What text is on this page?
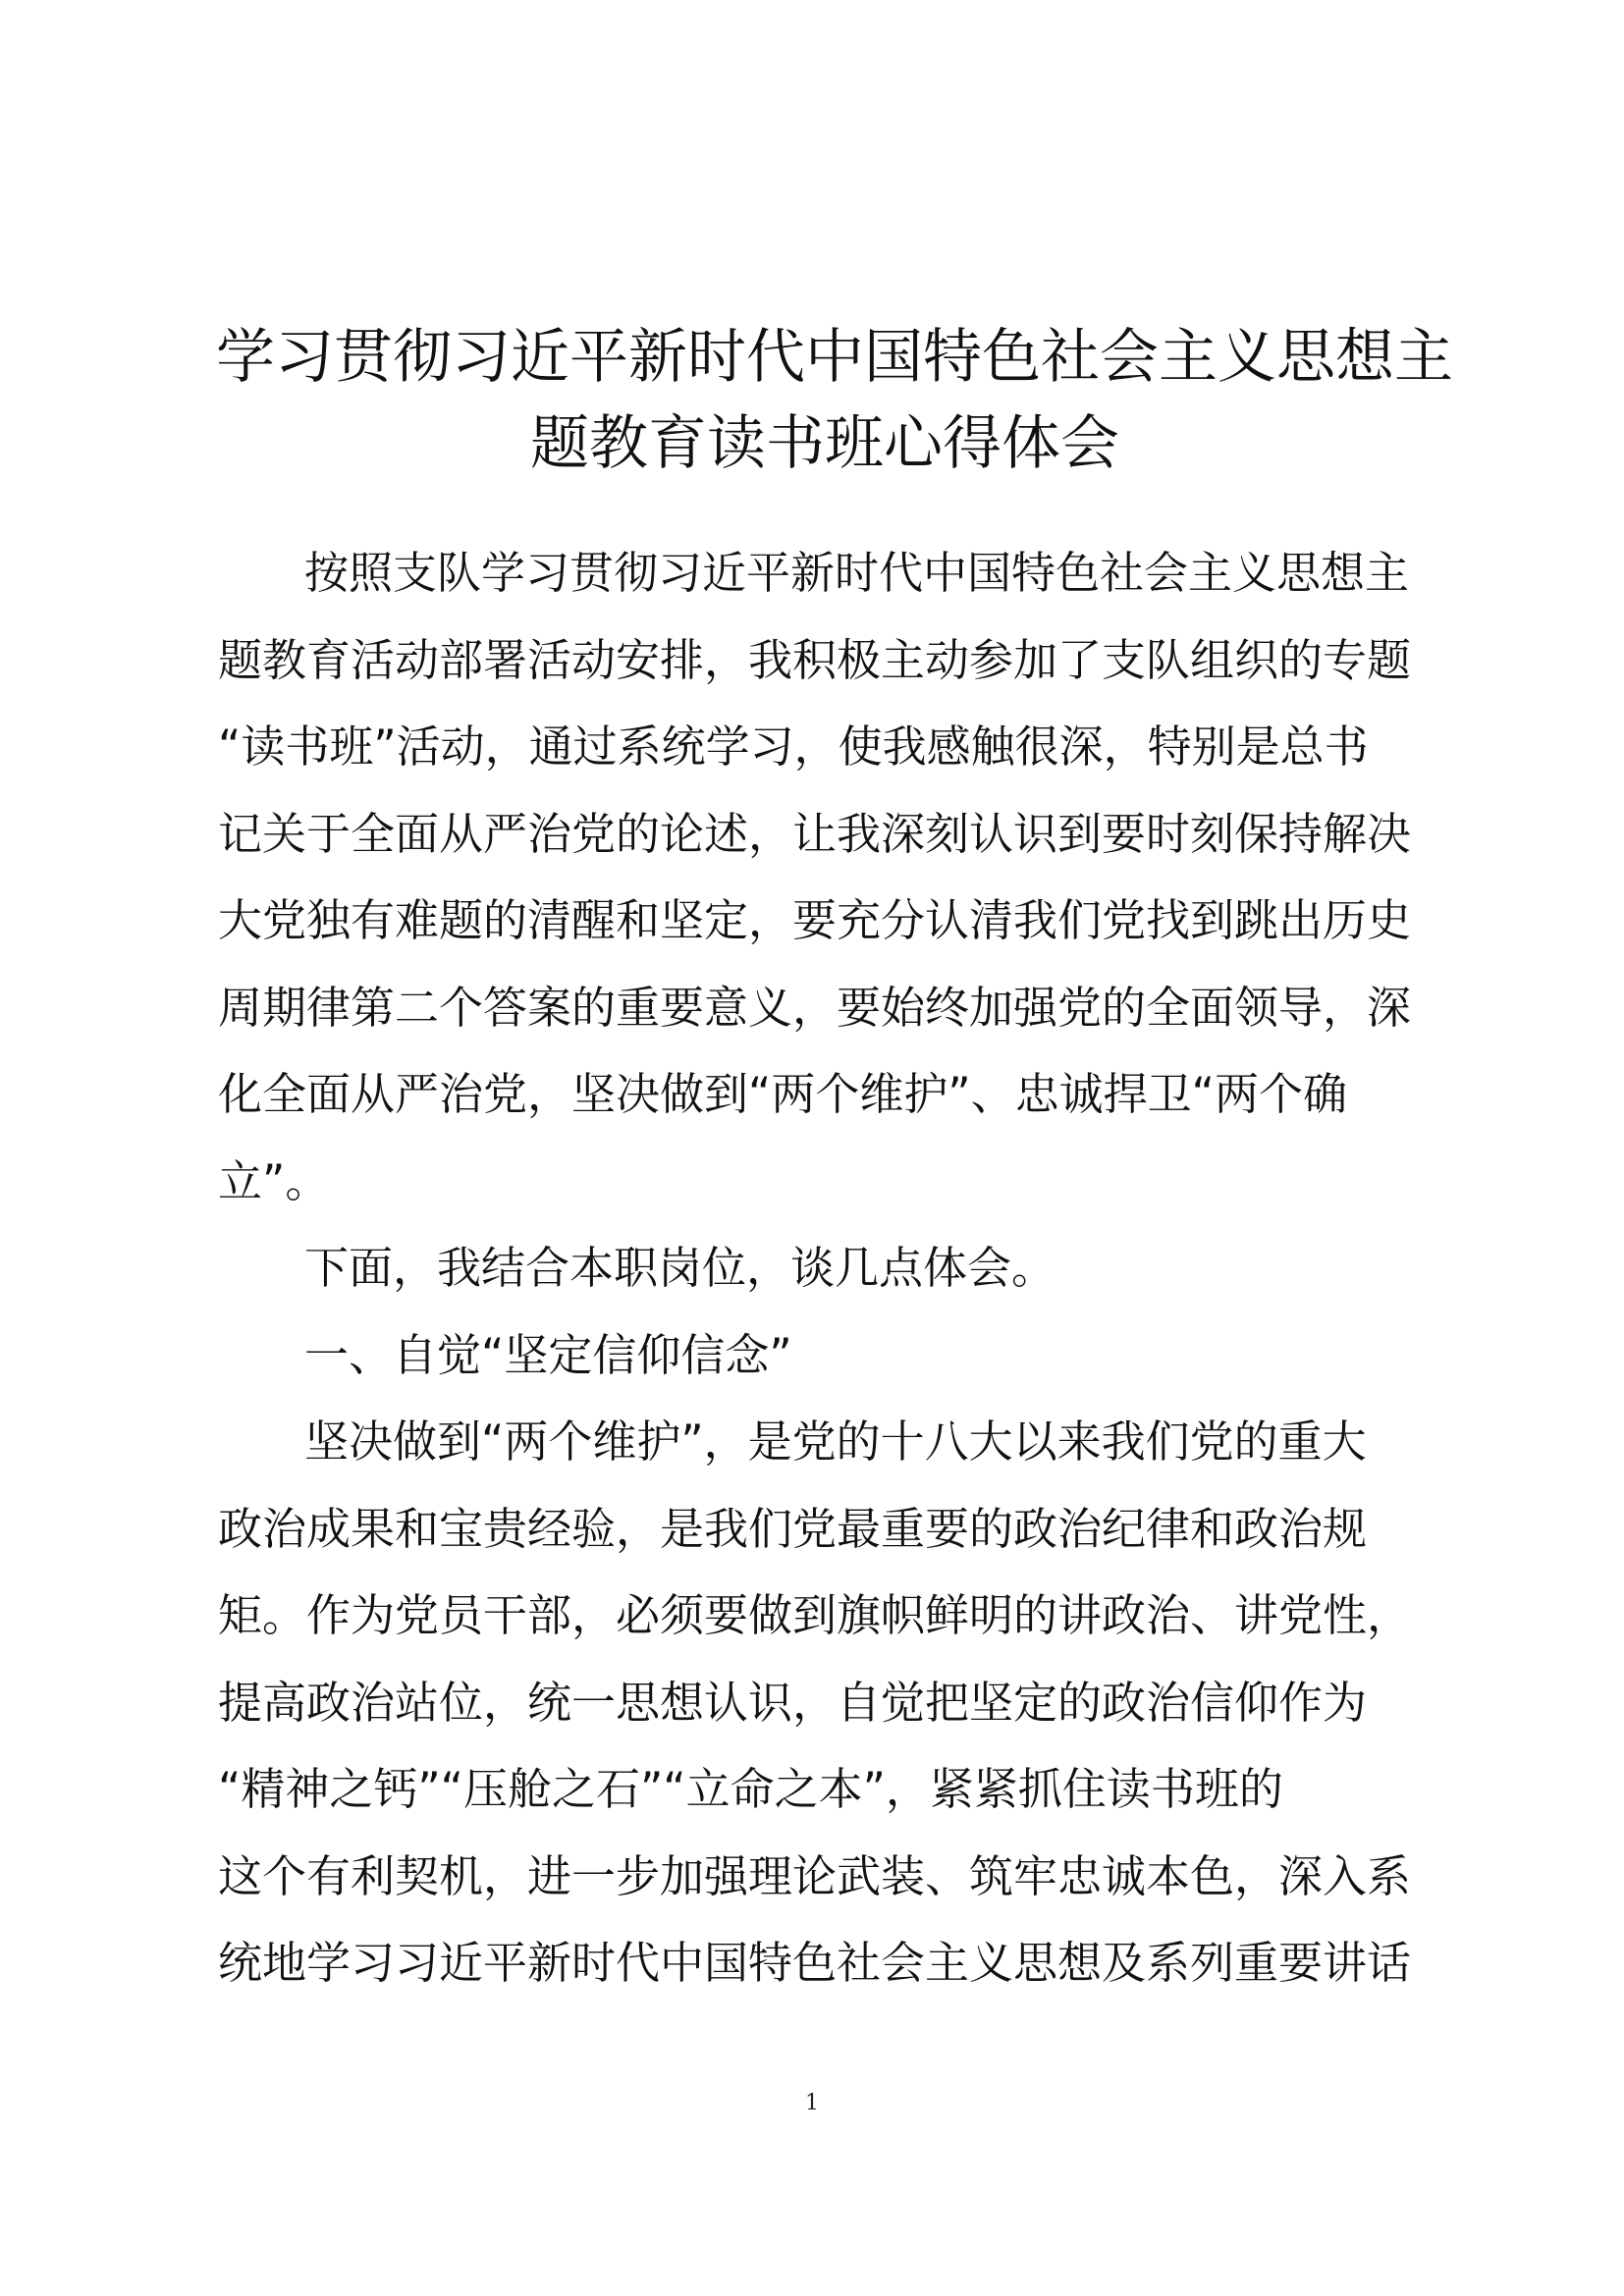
学习贯彻习近平新时代中国特色社会主义思想主
题教育读书班心得体会
按照支队学习贯彻习近平新时代中国特色社会主义思想主
题教育活动部署活动安排，我积极主动参加了支队组织的专题
“读书班”活动，通过系统学习，使我感触很深，特别是总书
记关于全面从严治党的论述，让我深刻认识到要时刻保持解决
大党独有难题的清醒和坚定，要充分认清我们党找到跳出历史
周期律第二个答案的重要意义，要始终加强党的全面领导，深
化全面从严治党，坚决做到“两个维护”、忠诚捍卫“两个确
立”。
下面，我结合本职岗位，谈几点体会。
一、自觉“坚定信仰信念”
坚决做到“两个维护”，是党的十八大以来我们党的重大
政治成果和宝贵经验，是我们党最重要的政治纪律和政治规
矩。作为党员干部，必须要做到旗帜鲜明的讲政治、讲党性，
提高政治站位，统一思想认识，自觉把坚定的政治信仰作为
“精神之钙”“压舱之石”“立命之本”，紧紧抓住读书班的
这个有利契机，进一步加强理论武装、筑牢忠诚本色，深入系
统地学习习近平新时代中国特色社会主义思想及系列重要讲话
1
